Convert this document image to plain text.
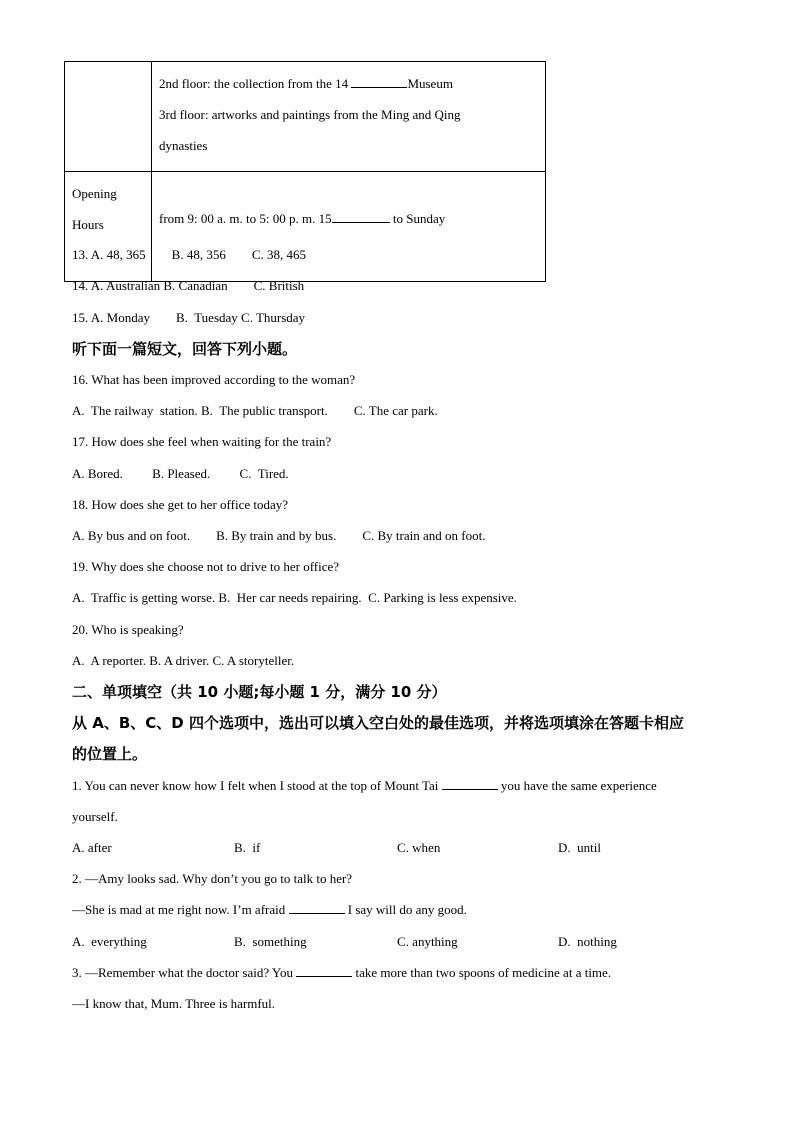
	2nd floor: the collection from the 14 Museum
3rd floor: artworks and paintings from the Ming and Qing
dynasties

Opening
Hours	from 9: 00 a. m. to 5: 00 p. m. 15 to Sunday
13. A. 48, 365        B. 48, 356        C. 38, 465
14. A. Australian B. Canadian        C. British
15. A. Monday        B.  Tuesday C. Thursday
听下面一篇短文，回答下列小题。
16. What has been improved according to the woman?
A.  The railway  station. B.  The public transport.        C. The car park.
17. How does she feel when waiting for the train?
A. Bored.         B. Pleased.         C.  Tired.
18. How does she get to her office today?
A. By bus and on foot.        B. By train and by bus.        C. By train and on foot.
19. Why does she choose not to drive to her office?
A.  Traffic is getting worse. B.  Her car needs repairing.  C. Parking is less expensive.
20. Who is speaking?
A.  A reporter. B. A driver. C. A storyteller.
二、单项填空（共 10 小题;每小题 1 分，满分 10 分）
从 A、B、C、D 四个选项中，选出可以填入空白处的最佳选项，并将选项填涂在答题卡相应
的位置上。
1. You can never know how I felt when I stood at the top of Mount Tai	you have the same experience
yourself.
A. after	B.  if	C. when	D.  until
2. —Amy looks sad. Why don’t you go to talk to her?
—She is mad at me right now. I’m afraid	I say will do any good.
A.  everything	B.  something	C. anything	D.  nothing
3. —Remember what the doctor said? You	take more than two spoons of medicine at a time.
—I know that, Mum. Three is harmful.
